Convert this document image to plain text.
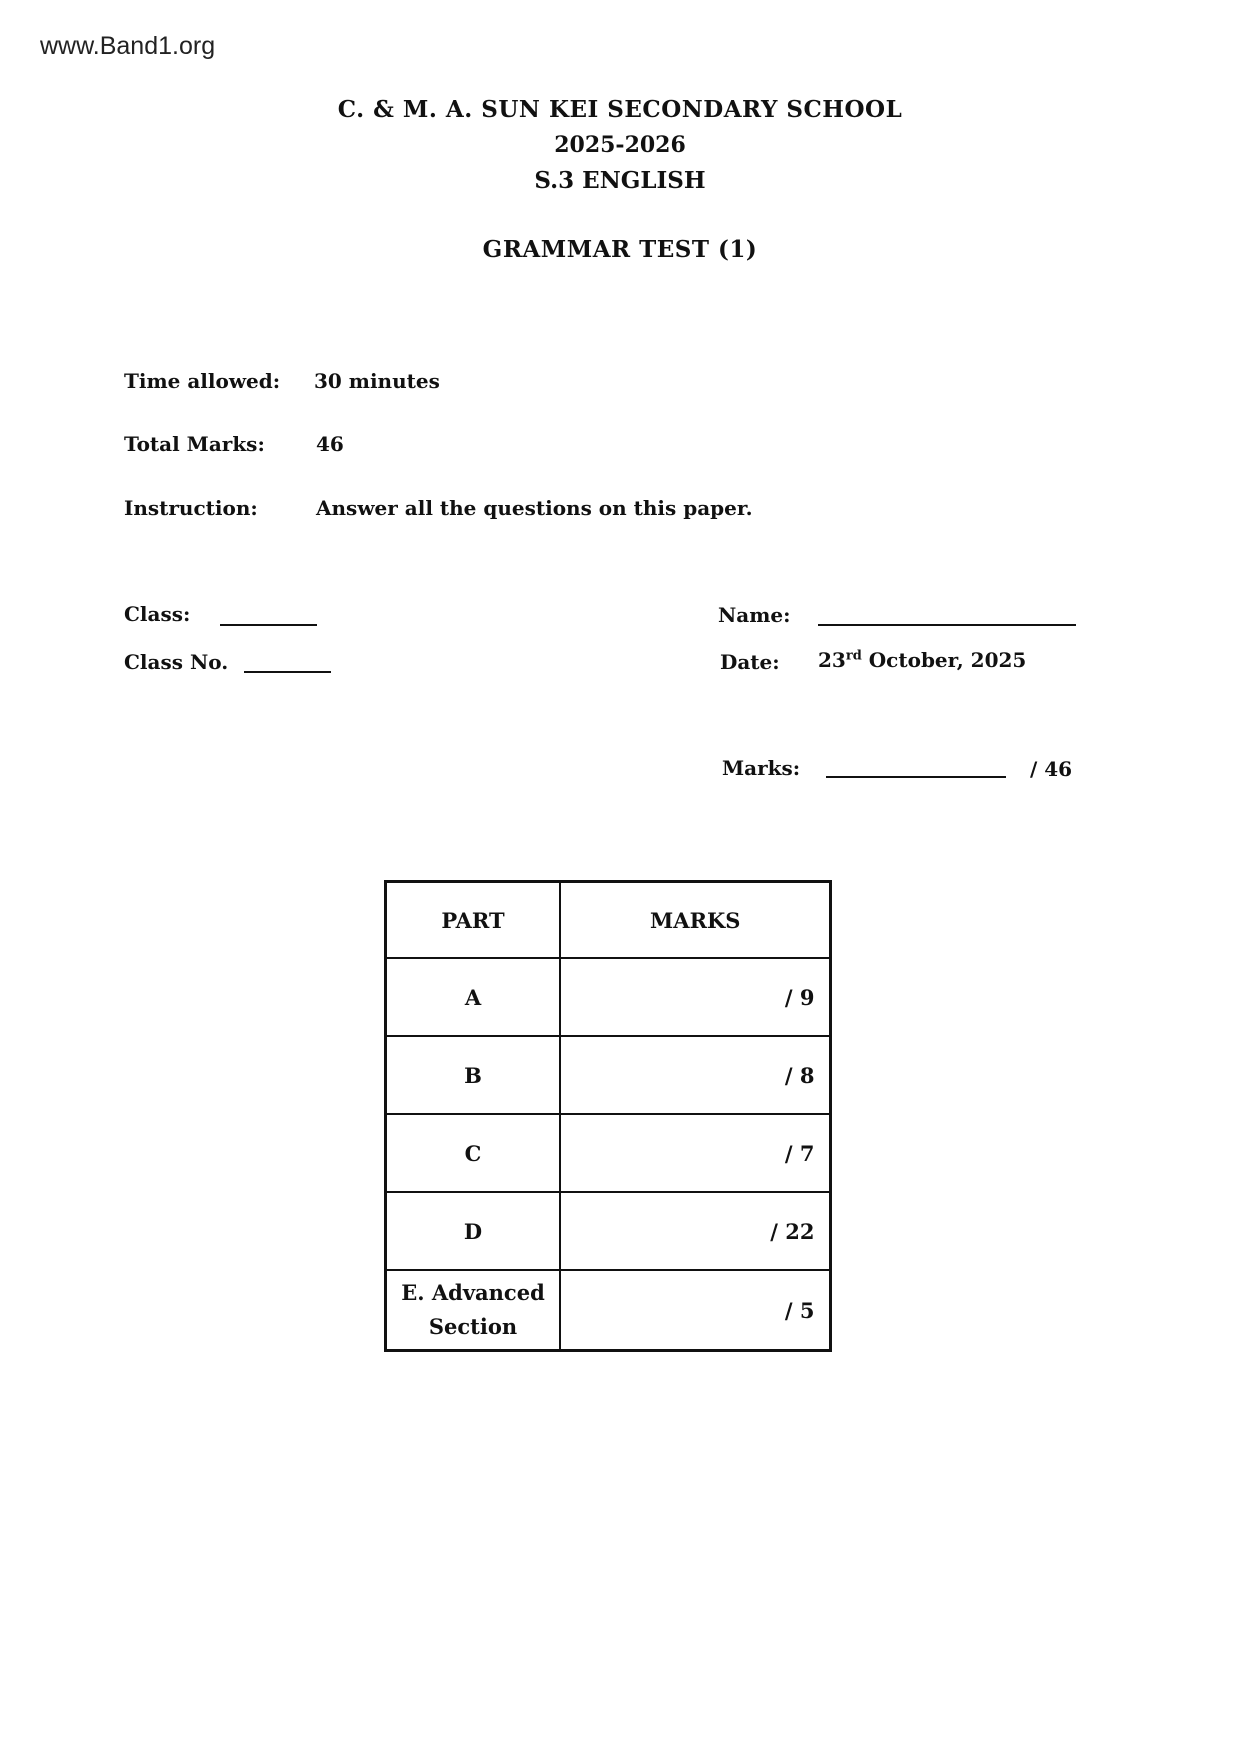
www.Band1.org
C. & M. A. SUN KEI SECONDARY SCHOOL
2025-2026
S.3 ENGLISH
GRAMMAR TEST (1)
Time allowed: 30 minutes
Total Marks:	46
Instruction:	Answer all the questions on this paper.
Class:
Class No.
Name:
Date: 23rd October, 2025
Marks:	/ 46
PART	MARKS
A	/ 9
B	/ 8
C	/ 7
D	/ 22

E. Advanced
Section	/ 5
